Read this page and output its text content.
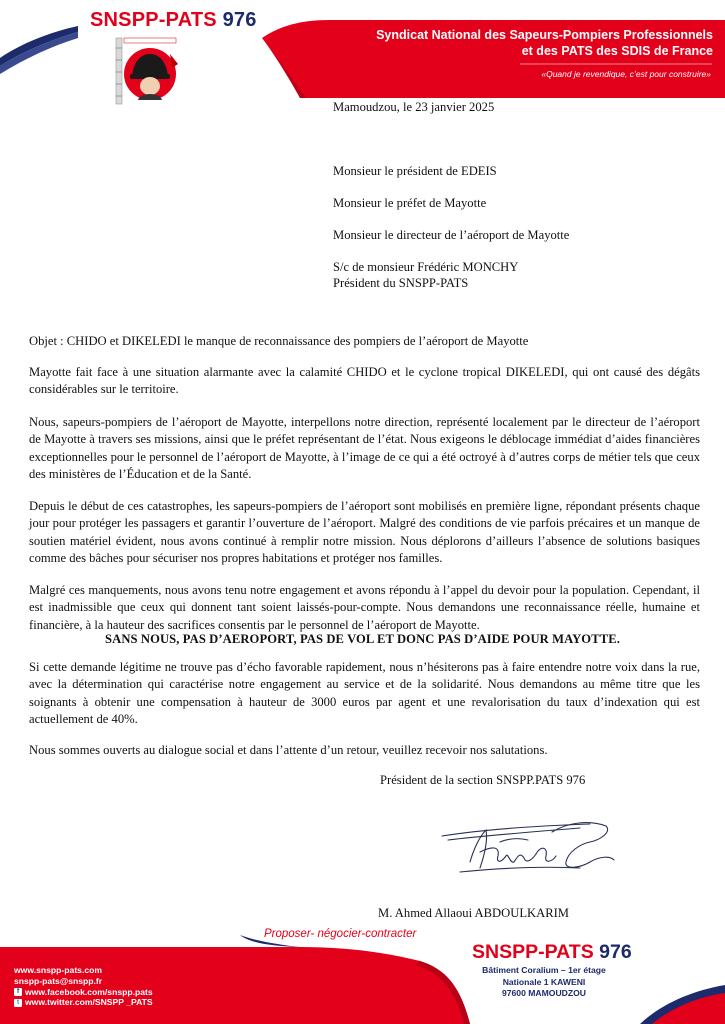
SNSPP-PATS 976
Syndicat National des Sapeurs-Pompiers Professionnels
et des PATS des SDIS de France
«Quand je revendique, c’est pour construire»
Mamoudzou, le 23 janvier 2025
Monsieur le président de EDEIS
Monsieur le préfet de Mayotte
Monsieur le directeur de l’aéroport de Mayotte
S/c de monsieur Frédéric MONCHY
Président du SNSPP-PATS
Objet : CHIDO et DIKELEDI le manque de reconnaissance des pompiers de l’aéroport de Mayotte
Mayotte fait face à une situation alarmante avec la calamité CHIDO et le cyclone tropical DIKELEDI, qui ont causé des dégâts considérables sur le territoire.
Nous, sapeurs-pompiers de l’aéroport de Mayotte, interpellons notre direction, représenté localement par le directeur de l’aéroport de Mayotte à travers ses missions, ainsi que le préfet représentant de l’état. Nous exigeons le déblocage immédiat d’aides financières exceptionnelles pour le personnel de l’aéroport de Mayotte, à l’image de ce qui a été octroyé à d’autres corps de métier tels que ceux des ministères de l’Éducation et de la Santé.
Depuis le début de ces catastrophes, les sapeurs-pompiers de l’aéroport sont mobilisés en première ligne, répondant présents chaque jour pour protéger les passagers et garantir l’ouverture de l’aéroport. Malgré des conditions de vie parfois précaires et un manque de soutien matériel évident, nous avons continué à remplir notre mission. Nous déplorons d’ailleurs l’absence de solutions basiques comme des bâches pour sécuriser nos propres habitations et protéger nos familles.
Malgré ces manquements, nous avons tenu notre engagement et avons répondu à l’appel du devoir pour la population. Cependant, il est inadmissible que ceux qui donnent tant soient laissés-pour-compte. Nous demandons une reconnaissance réelle, humaine et financière, à la hauteur des sacrifices consentis par le personnel de l’aéroport de Mayotte.
SANS NOUS, PAS D’AEROPORT, PAS DE VOL ET DONC PAS D’AIDE POUR MAYOTTE.
Si cette demande légitime ne trouve pas d’écho favorable rapidement, nous n’hésiterons pas à faire entendre notre voix dans la rue, avec la détermination qui caractérise notre engagement au service et de la solidarité. Nous demandons au même titre que les soignants à obtenir une compensation à hauteur de 3000 euros par agent et une revalorisation du taux d’indexation qui est actuellement de 40%.
Nous sommes ouverts au dialogue social et dans l’attente d’un retour, veuillez recevoir nos salutations.
Président de la section SNSPP.PATS 976
M. Ahmed Allaoui ABDOULKARIM
Proposer- négocier-contracter
www.snspp-pats.com
snspp-pats@snspp.fr
f www.facebook.com/snspp.pats
t www.twitter.com/SNSPP _PATS
SNSPP-PATS 976
Bâtiment Coralium – 1er étage
Nationale 1 KAWENI
97600 MAMOUDZOU
